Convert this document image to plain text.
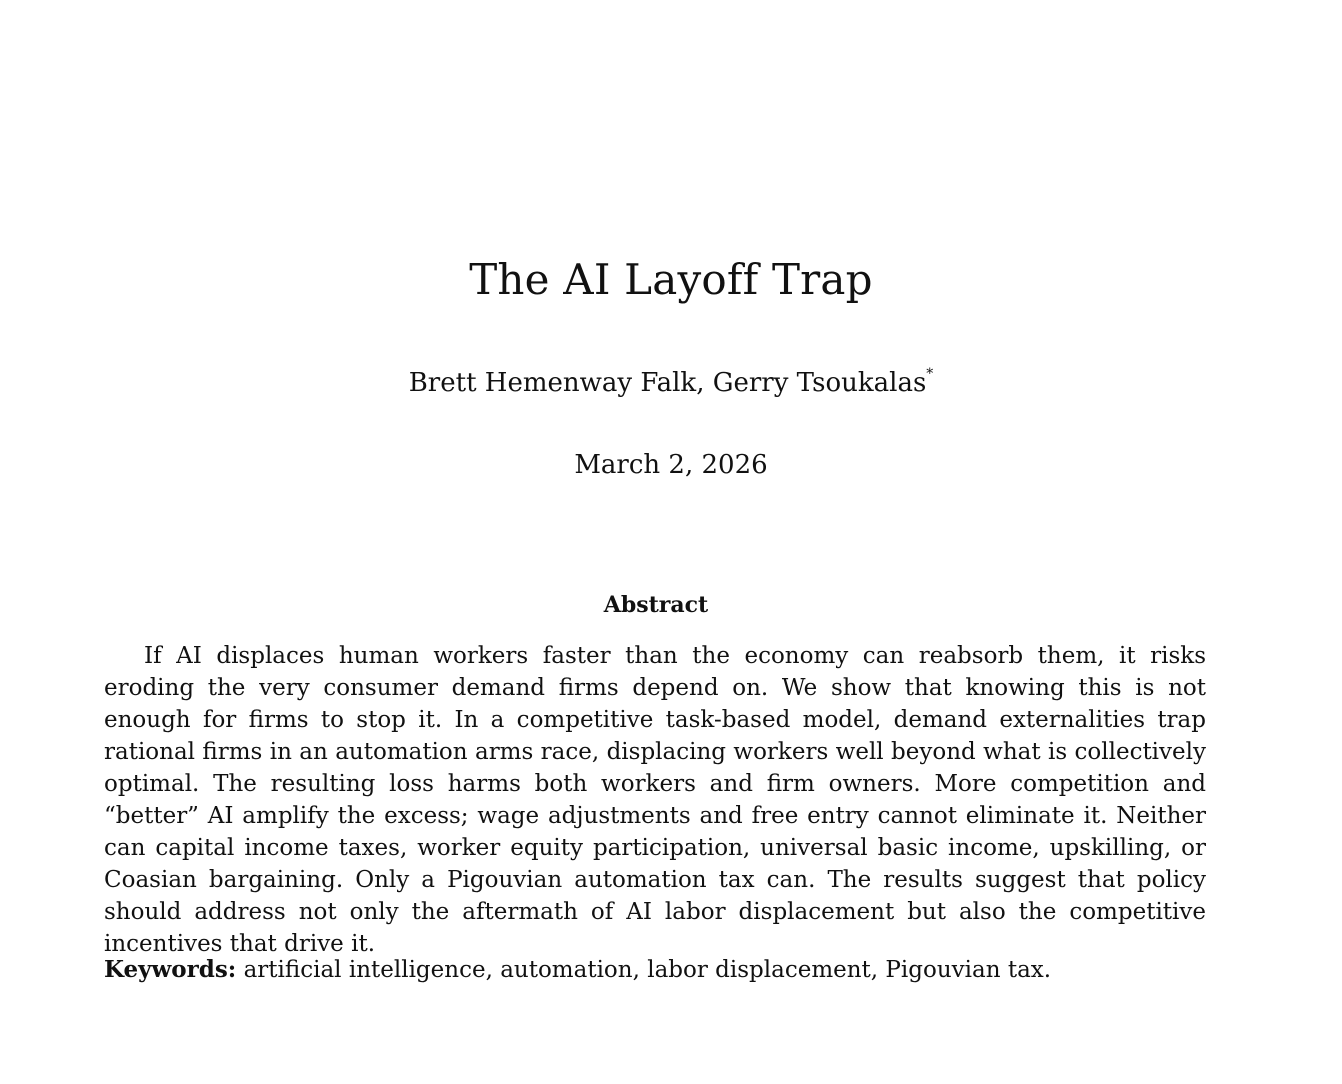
The AI Layoff Trap

Brett Hemenway Falk, Gerry Tsoukalas*

March 2, 2026

Abstract

If AI displaces human workers faster than the economy can reabsorb them, it risks eroding the very consumer demand firms depend on. We show that knowing this is not enough for firms to stop it. In a competitive task-based model, demand externalities trap rational firms in an automation arms race, displacing workers well beyond what is collectively optimal. The resulting loss harms both workers and firm owners. More competition and “better” AI amplify the excess; wage adjustments and free entry cannot eliminate it. Neither can capital income taxes, worker equity participation, universal basic income, upskilling, or Coasian bargaining. Only a Pigouvian automation tax can. The results suggest that policy should address not only the aftermath of AI labor displacement but also the competitive incentives that drive it.

Keywords: artificial intelligence, automation, labor displacement, Pigouvian tax.
